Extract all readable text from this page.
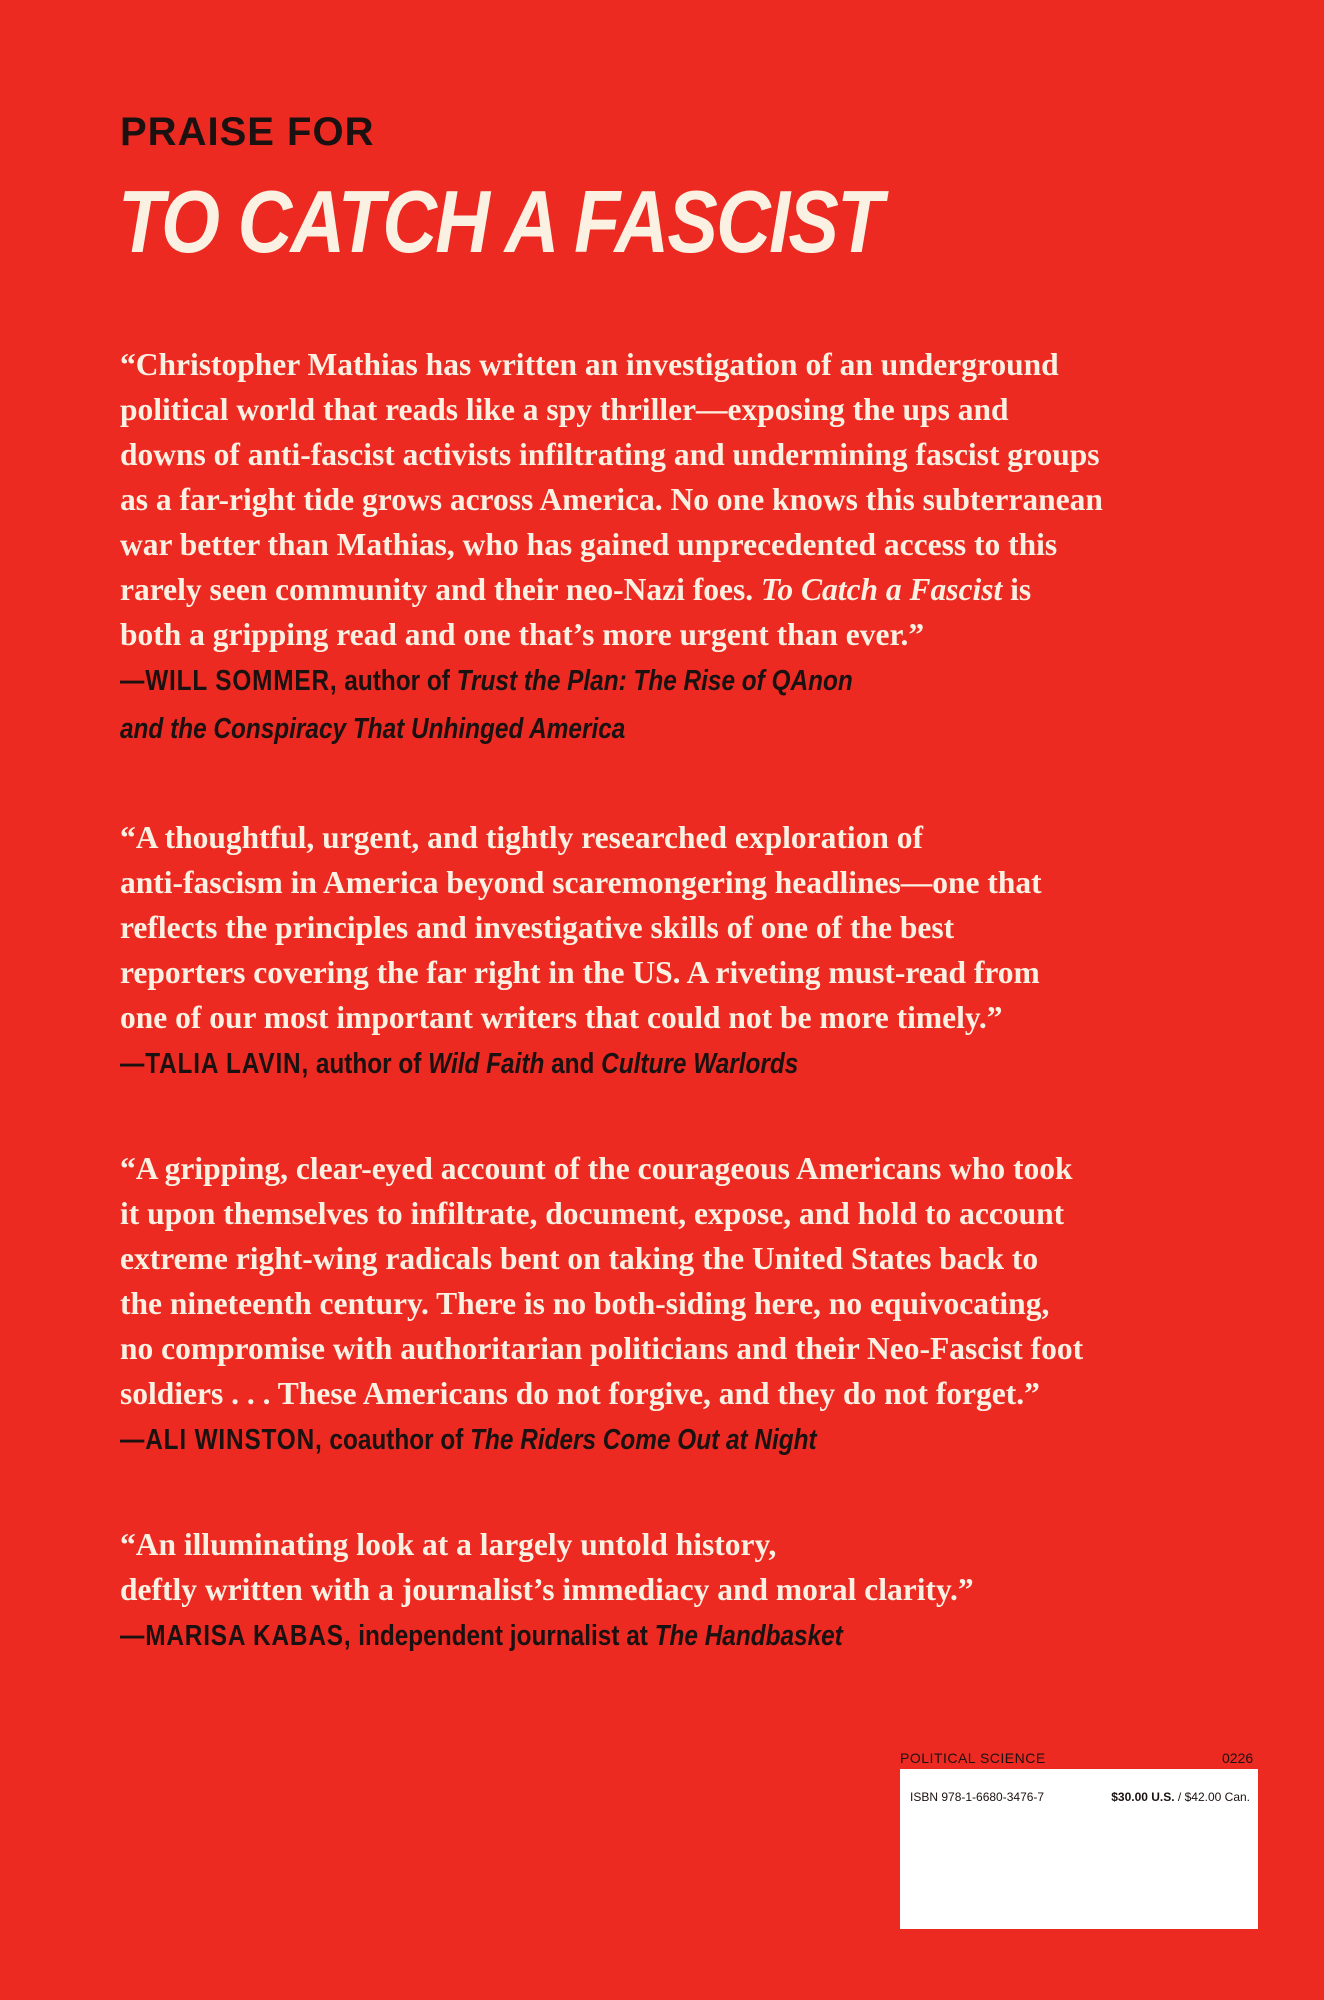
PRAISE FOR
TO CATCH A FASCIST

“Christopher Mathias has written an investigation of an underground
political world that reads like a spy thriller—exposing the ups and
downs of anti-fascist activists infiltrating and undermining fascist groups
as a far-right tide grows across America. No one knows this subterranean
war better than Mathias, who has gained unprecedented access to this
rarely seen community and their neo-Nazi foes. To Catch a Fascist is
both a gripping read and one that’s more urgent than ever.”

—WILL SOMMER, author of Trust the Plan: The Rise of QAnon
and the Conspiracy That Unhinged America

“A thoughtful, urgent, and tightly researched exploration of
anti-fascism in America beyond scaremongering headlines—one that
reflects the principles and investigative skills of one of the best
reporters covering the far right in the US. A riveting must-read from
one of our most important writers that could not be more timely.”

—TALIA LAVIN, author of Wild Faith and Culture Warlords

“A gripping, clear-eyed account of the courageous Americans who took
it upon themselves to infiltrate, document, expose, and hold to account
extreme right-wing radicals bent on taking the United States back to
the nineteenth century. There is no both-siding here, no equivocating,
no compromise with authoritarian politicians and their Neo-Fascist foot
soldiers . . . These Americans do not forgive, and they do not forget.”

—ALI WINSTON, coauthor of The Riders Come Out at Night

“An illuminating look at a largely untold history,
deftly written with a journalist’s immediacy and moral clarity.”

—MARISA KABAS, independent journalist at The Handbasket

POLITICAL SCIENCE	0226
ISBN 978-1-6680-3476-7	$30.00 U.S. / $42.00 Can.
